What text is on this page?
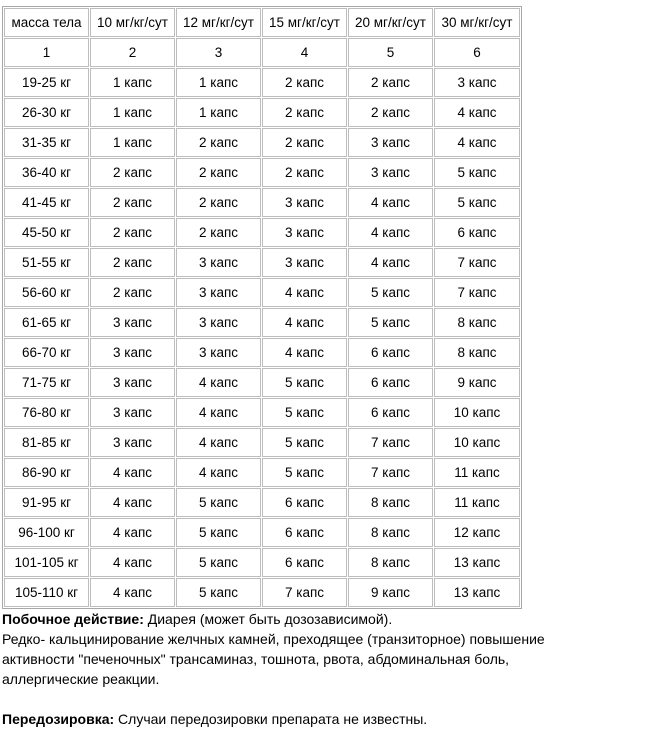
масса тела	10 мг/кг/сут	12 мг/кг/сут	15 мг/кг/сут	20 мг/кг/сут	30 мг/кг/сут
1	2	3	4	5	6
19-25 кг	1 капс	1 капс	2 капс	2 капс	3 капс
26-30 кг	1 капс	1 капс	2 капс	2 капс	4 капс
31-35 кг	1 капс	2 капс	2 капс	3 капс	4 капс
36-40 кг	2 капс	2 капс	2 капс	3 капс	5 капс
41-45 кг	2 капс	2 капс	3 капс	4 капс	5 капс
45-50 кг	2 капс	2 капс	3 капс	4 капс	6 капс
51-55 кг	2 капс	3 капс	3 капс	4 капс	7 капс
56-60 кг	2 капс	3 капс	4 капс	5 капс	7 капс
61-65 кг	3 капс	3 капс	4 капс	5 капс	8 капс
66-70 кг	3 капс	3 капс	4 капс	6 капс	8 капс
71-75 кг	3 капс	4 капс	5 капс	6 капс	9 капс
76-80 кг	3 капс	4 капс	5 капс	6 капс	10 капс
81-85 кг	3 капс	4 капс	5 капс	7 капс	10 капс
86-90 кг	4 капс	4 капс	5 капс	7 капс	11 капс
91-95 кг	4 капс	5 капс	6 капс	8 капс	11 капс
96-100 кг	4 капс	5 капс	6 капс	8 капс	12 капс
101-105 кг	4 капс	5 капс	6 капс	8 капс	13 капс
105-110 кг	4 капс	5 капс	7 капс	9 капс	13 капс

Побочное действие: Диарея (может быть дозозависимой).

Редко- кальцинирование желчных камней, преходящее (транзиторное) повышение

активности "печеночных" трансаминаз, тошнота, рвота, абдоминальная боль,

аллергические реакции.

Передозировка: Случаи передозировки препарата не известны.
